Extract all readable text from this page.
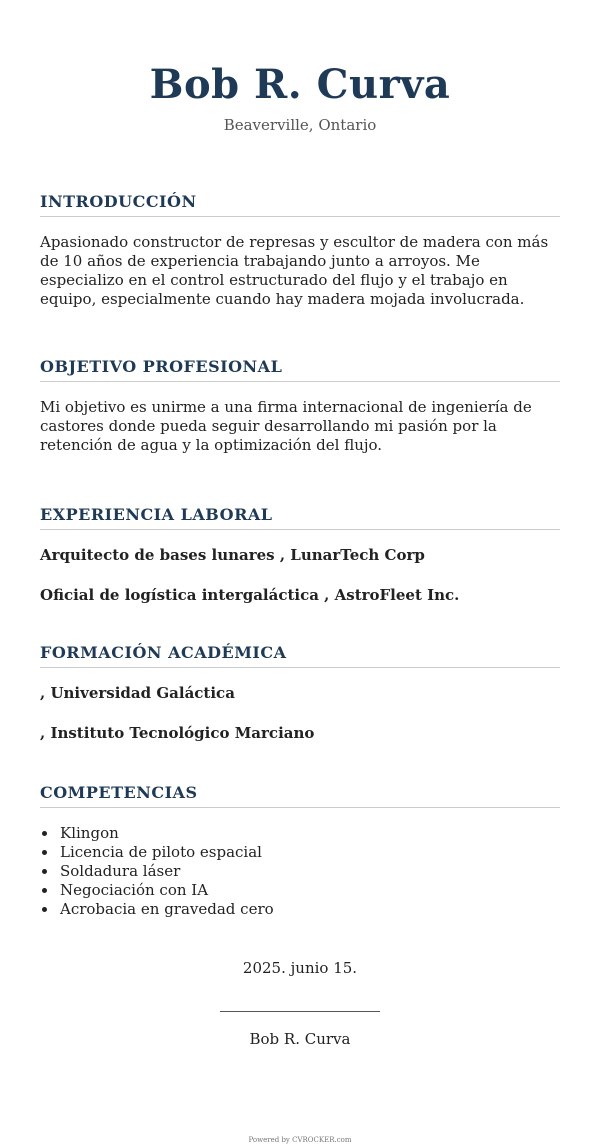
Bob R. Curva
Beaverville, Ontario
INTRODUCCIÓN
Apasionado constructor de represas y escultor de madera con más de 10 años de experiencia trabajando junto a arroyos. Me especializo en el control estructurado del flujo y el trabajo en equipo, especialmente cuando hay madera mojada involucrada.
OBJETIVO PROFESIONAL
Mi objetivo es unirme a una firma internacional de ingeniería de castores donde pueda seguir desarrollando mi pasión por la retención de agua y la optimización del flujo.
EXPERIENCIA LABORAL
Arquitecto de bases lunares , LunarTech Corp
Oficial de logística intergaláctica , AstroFleet Inc.
FORMACIÓN ACADÉMICA
, Universidad Galáctica
, Instituto Tecnológico Marciano
COMPETENCIAS
Klingon
Licencia de piloto espacial
Soldadura láser
Negociación con IA
Acrobacia en gravedad cero
2025. junio 15.
Bob R. Curva
Powered by CVROCKER.com
